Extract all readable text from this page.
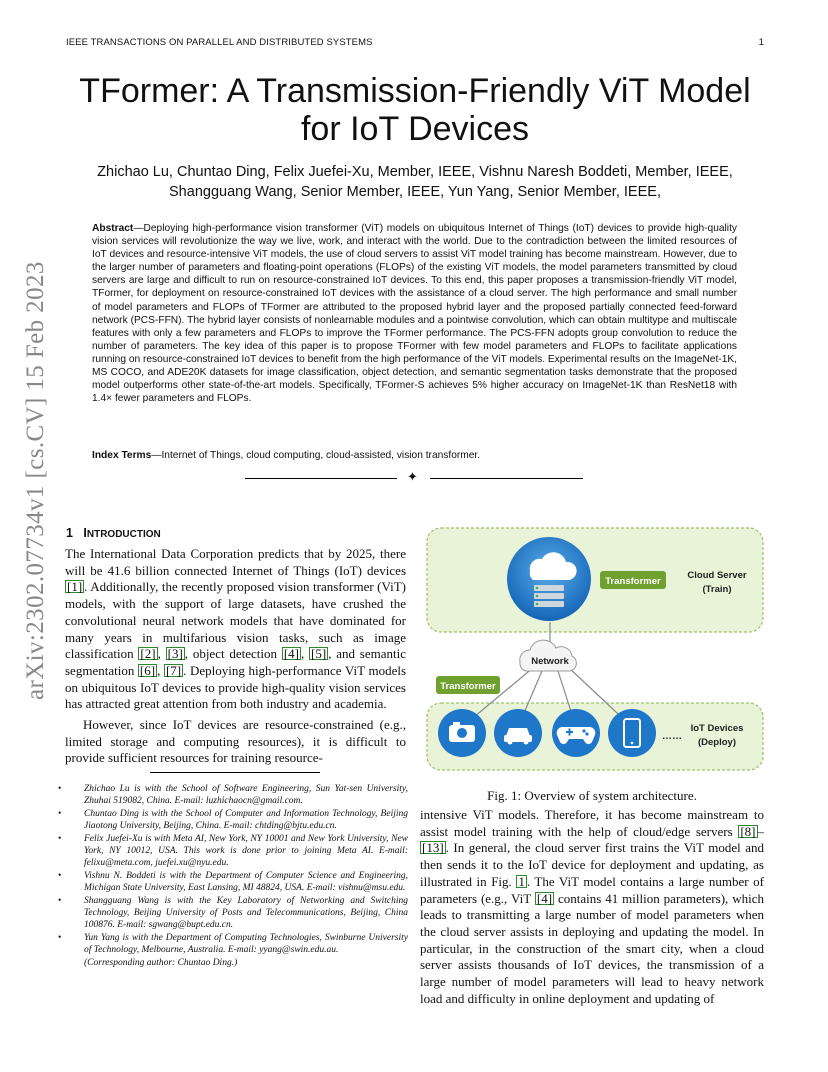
IEEE TRANSACTIONS ON PARALLEL AND DISTRIBUTED SYSTEMS	1
TFormer: A Transmission-Friendly ViT Model for IoT Devices
Zhichao Lu, Chuntao Ding, Felix Juefei-Xu, Member, IEEE, Vishnu Naresh Boddeti, Member, IEEE,
Shangguang Wang, Senior Member, IEEE, Yun Yang, Senior Member, IEEE,
Abstract—Deploying high-performance vision transformer (ViT) models on ubiquitous Internet of Things (IoT) devices to provide high-quality vision services will revolutionize the way we live, work, and interact with the world. Due to the contradiction between the limited resources of IoT devices and resource-intensive ViT models, the use of cloud servers to assist ViT model training has become mainstream. However, due to the larger number of parameters and floating-point operations (FLOPs) of the existing ViT models, the model parameters transmitted by cloud servers are large and difficult to run on resource-constrained IoT devices. To this end, this paper proposes a transmission-friendly ViT model, TFormer, for deployment on resource-constrained IoT devices with the assistance of a cloud server. The high performance and small number of model parameters and FLOPs of TFormer are attributed to the proposed hybrid layer and the proposed partially connected feed-forward network (PCS-FFN). The hybrid layer consists of nonlearnable modules and a pointwise convolution, which can obtain multitype and multiscale features with only a few parameters and FLOPs to improve the TFormer performance. The PCS-FFN adopts group convolution to reduce the number of parameters. The key idea of this paper is to propose TFormer with few model parameters and FLOPs to facilitate applications running on resource-constrained IoT devices to benefit from the high performance of the ViT models. Experimental results on the ImageNet-1K, MS COCO, and ADE20K datasets for image classification, object detection, and semantic segmentation tasks demonstrate that the proposed model outperforms other state-of-the-art models. Specifically, TFormer-S achieves 5% higher accuracy on ImageNet-1K than ResNet18 with 1.4× fewer parameters and FLOPs.
Index Terms—Internet of Things, cloud computing, cloud-assisted, vision transformer.
✦
arXiv:2302.07734v1 [cs.CV] 15 Feb 2023 1 INTRODUCTION
The International Data Corporation predicts that by 2025, there will be 41.6 billion connected Internet of Things (IoT) devices [1] . Additionally, the recently proposed vision transformer (ViT) models, with the support of large datasets, have crushed the convolutional neural network models that have dominated for many years in multifarious vision tasks, such as image classification [2] , [3] , object detection [4] , [5] , and semantic segmentation [6] , [7] . Deploying high-performance ViT models on ubiquitous IoT devices to provide high-quality vision services has attracted great attention from both industry and academia.
However, since IoT devices are resource-constrained (e.g., limited storage and computing resources), it is difficult to provide sufficient resources for training resource-
• Zhichao Lu is with the School of Software Engineering, Sun Yat-sen University, Zhuhai 519082, China. E-mail: luzhichaocn@gmail.com.
• Chuntao Ding is with the School of Computer and Information Technology, Beijing Jiaotong University, Beijing, China. E-mail: chtding@bjtu.edu.cn.
• Felix Juefei-Xu is with Meta AI, New York, NY 10001 and New York University, New York, NY 10012, USA. This work is done prior to joining Meta AI. E-mail: felixu@meta.com, juefei.xu@nyu.edu.
• Vishnu N. Boddeti is with the Department of Computer Science and Engineering, Michigan State University, East Lansing, MI 48824, USA. E-mail: vishnu@msu.edu.
• Shangguang Wang is with the Key Laboratory of Networking and Switching Technology, Beijing University of Posts and Telecommunications, Beijing, China 100876. E-mail: sgwang@bupt.edu.cn.
• Yun Yang is with the Department of Computing Technologies, Swinburne University of Technology, Melbourne, Australia. E-mail: yyang@swin.edu.au.
(Corresponding author: Chuntao Ding.)
Transformer
Cloud Server
(Train)
Network
Transformer
……
IoT Devices
(Deploy)
Fig. 1: Overview of system architecture.
intensive ViT models. Therefore, it has become mainstream to assist model training with the help of cloud/edge servers [8] –[13] . In general, the cloud server first trains the ViT model and then sends it to the IoT device for deployment and updating, as illustrated in Fig. 1 . The ViT model contains a large number of parameters (e.g., ViT [4] contains 41 million parameters), which leads to transmitting a large number of model parameters when the cloud server assists in deploying and updating the model. In particular, in the construction of the smart city, when a cloud server assists thousands of IoT devices, the transmission of a large number of model parameters will lead to heavy network load and difficulty in online deployment and updating of
